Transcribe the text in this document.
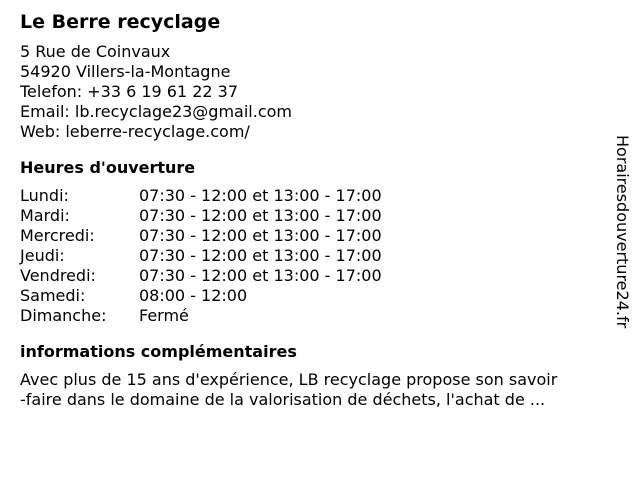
Le Berre recyclage
5 Rue de Coinvaux
54920 Villers-la-Montagne
Telefon: +33 6 19 61 22 37
Email: lb.recyclage23@gmail.com
Web: leberre-recyclage.com/
Heures d'ouverture
Lundi:	07:30 - 12:00 et 13:00 - 17:00
Mardi:	07:30 - 12:00 et 13:00 - 17:00
Mercredi:	07:30 - 12:00 et 13:00 - 17:00
Jeudi:	07:30 - 12:00 et 13:00 - 17:00
Vendredi:	07:30 - 12:00 et 13:00 - 17:00
Samedi:	08:00 - 12:00
Dimanche:	Fermé
informations complémentaires
Avec plus de 15 ans d'expérience, LB recyclage propose son savoir
-faire dans le domaine de la valorisation de déchets, l'achat de ...
Horairesdouverture24.fr
